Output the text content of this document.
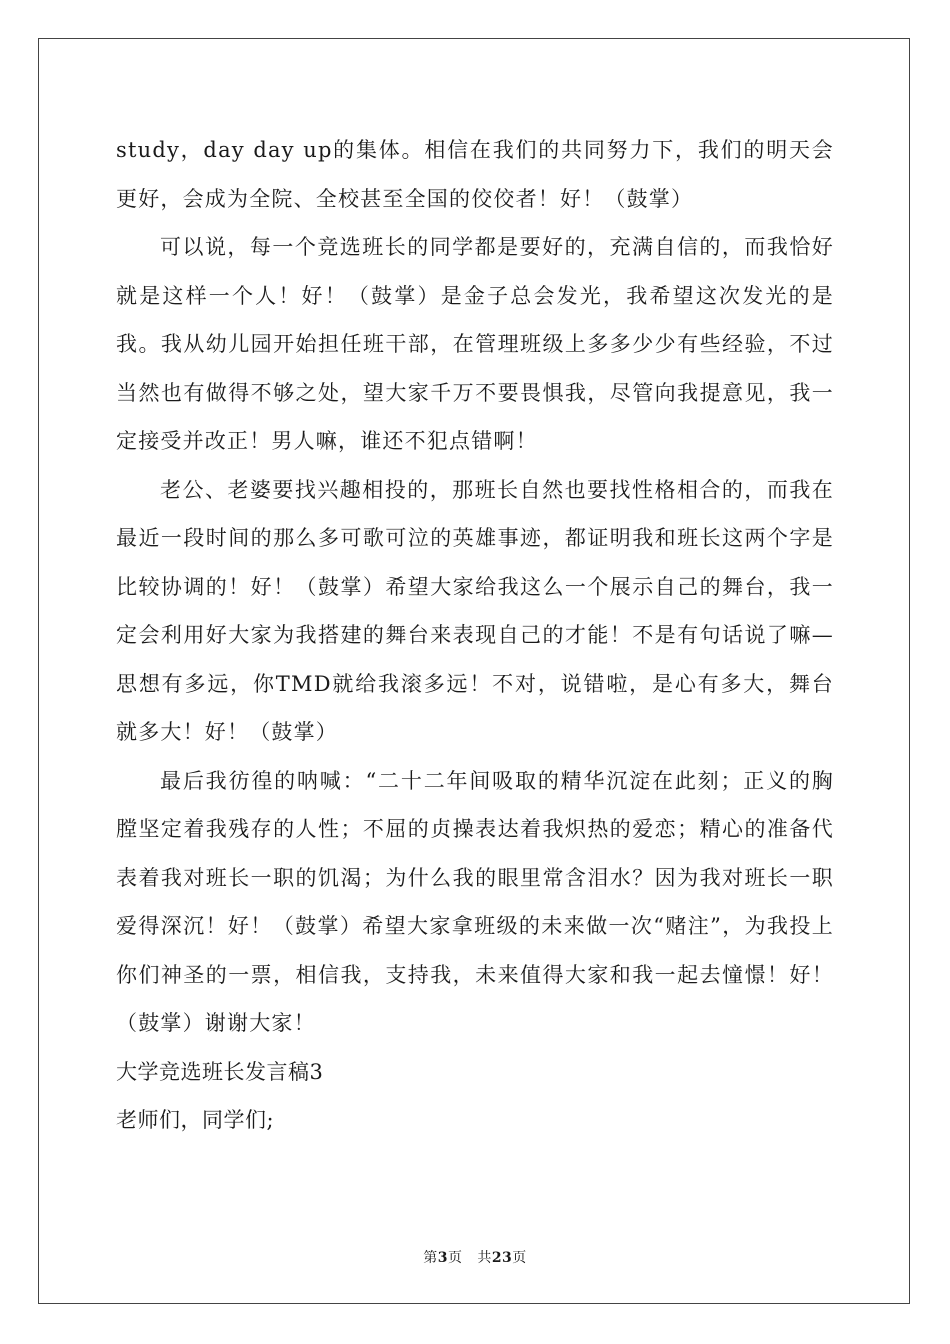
study，day day up的集体。相信在我们的共同努力下，我们的明天会更好，会成为全院、全校甚至全国的佼佼者！好！（鼓掌）

可以说，每一个竞选班长的同学都是要好的，充满自信的，而我恰好就是这样一个人！好！（鼓掌）是金子总会发光，我希望这次发光的是我。我从幼儿园开始担任班干部，在管理班级上多多少少有些经验，不过当然也有做得不够之处，望大家千万不要畏惧我，尽管向我提意见，我一定接受并改正！男人嘛，谁还不犯点错啊！

老公、老婆要找兴趣相投的，那班长自然也要找性格相合的，而我在最近一段时间的那么多可歌可泣的英雄事迹，都证明我和班长这两个字是比较协调的！好！（鼓掌）希望大家给我这么一个展示自己的舞台，我一定会利用好大家为我搭建的舞台来表现自己的才能！不是有句话说了嘛—思想有多远，你TMD就给我滚多远！不对，说错啦，是心有多大，舞台就多大！好！（鼓掌）

最后我彷徨的呐喊：“二十二年间吸取的精华沉淀在此刻；正义的胸膛坚定着我残存的人性；不屈的贞操表达着我炽热的爱恋；精心的准备代表着我对班长一职的饥渴；为什么我的眼里常含泪水？因为我对班长一职爱得深沉！好！（鼓掌）希望大家拿班级的未来做一次“赌注”，为我投上你们神圣的一票，相信我，支持我，未来值得大家和我一起去憧憬！好！（鼓掌）谢谢大家！

大学竞选班长发言稿3

老师们，同学们;

第3页 共23页
